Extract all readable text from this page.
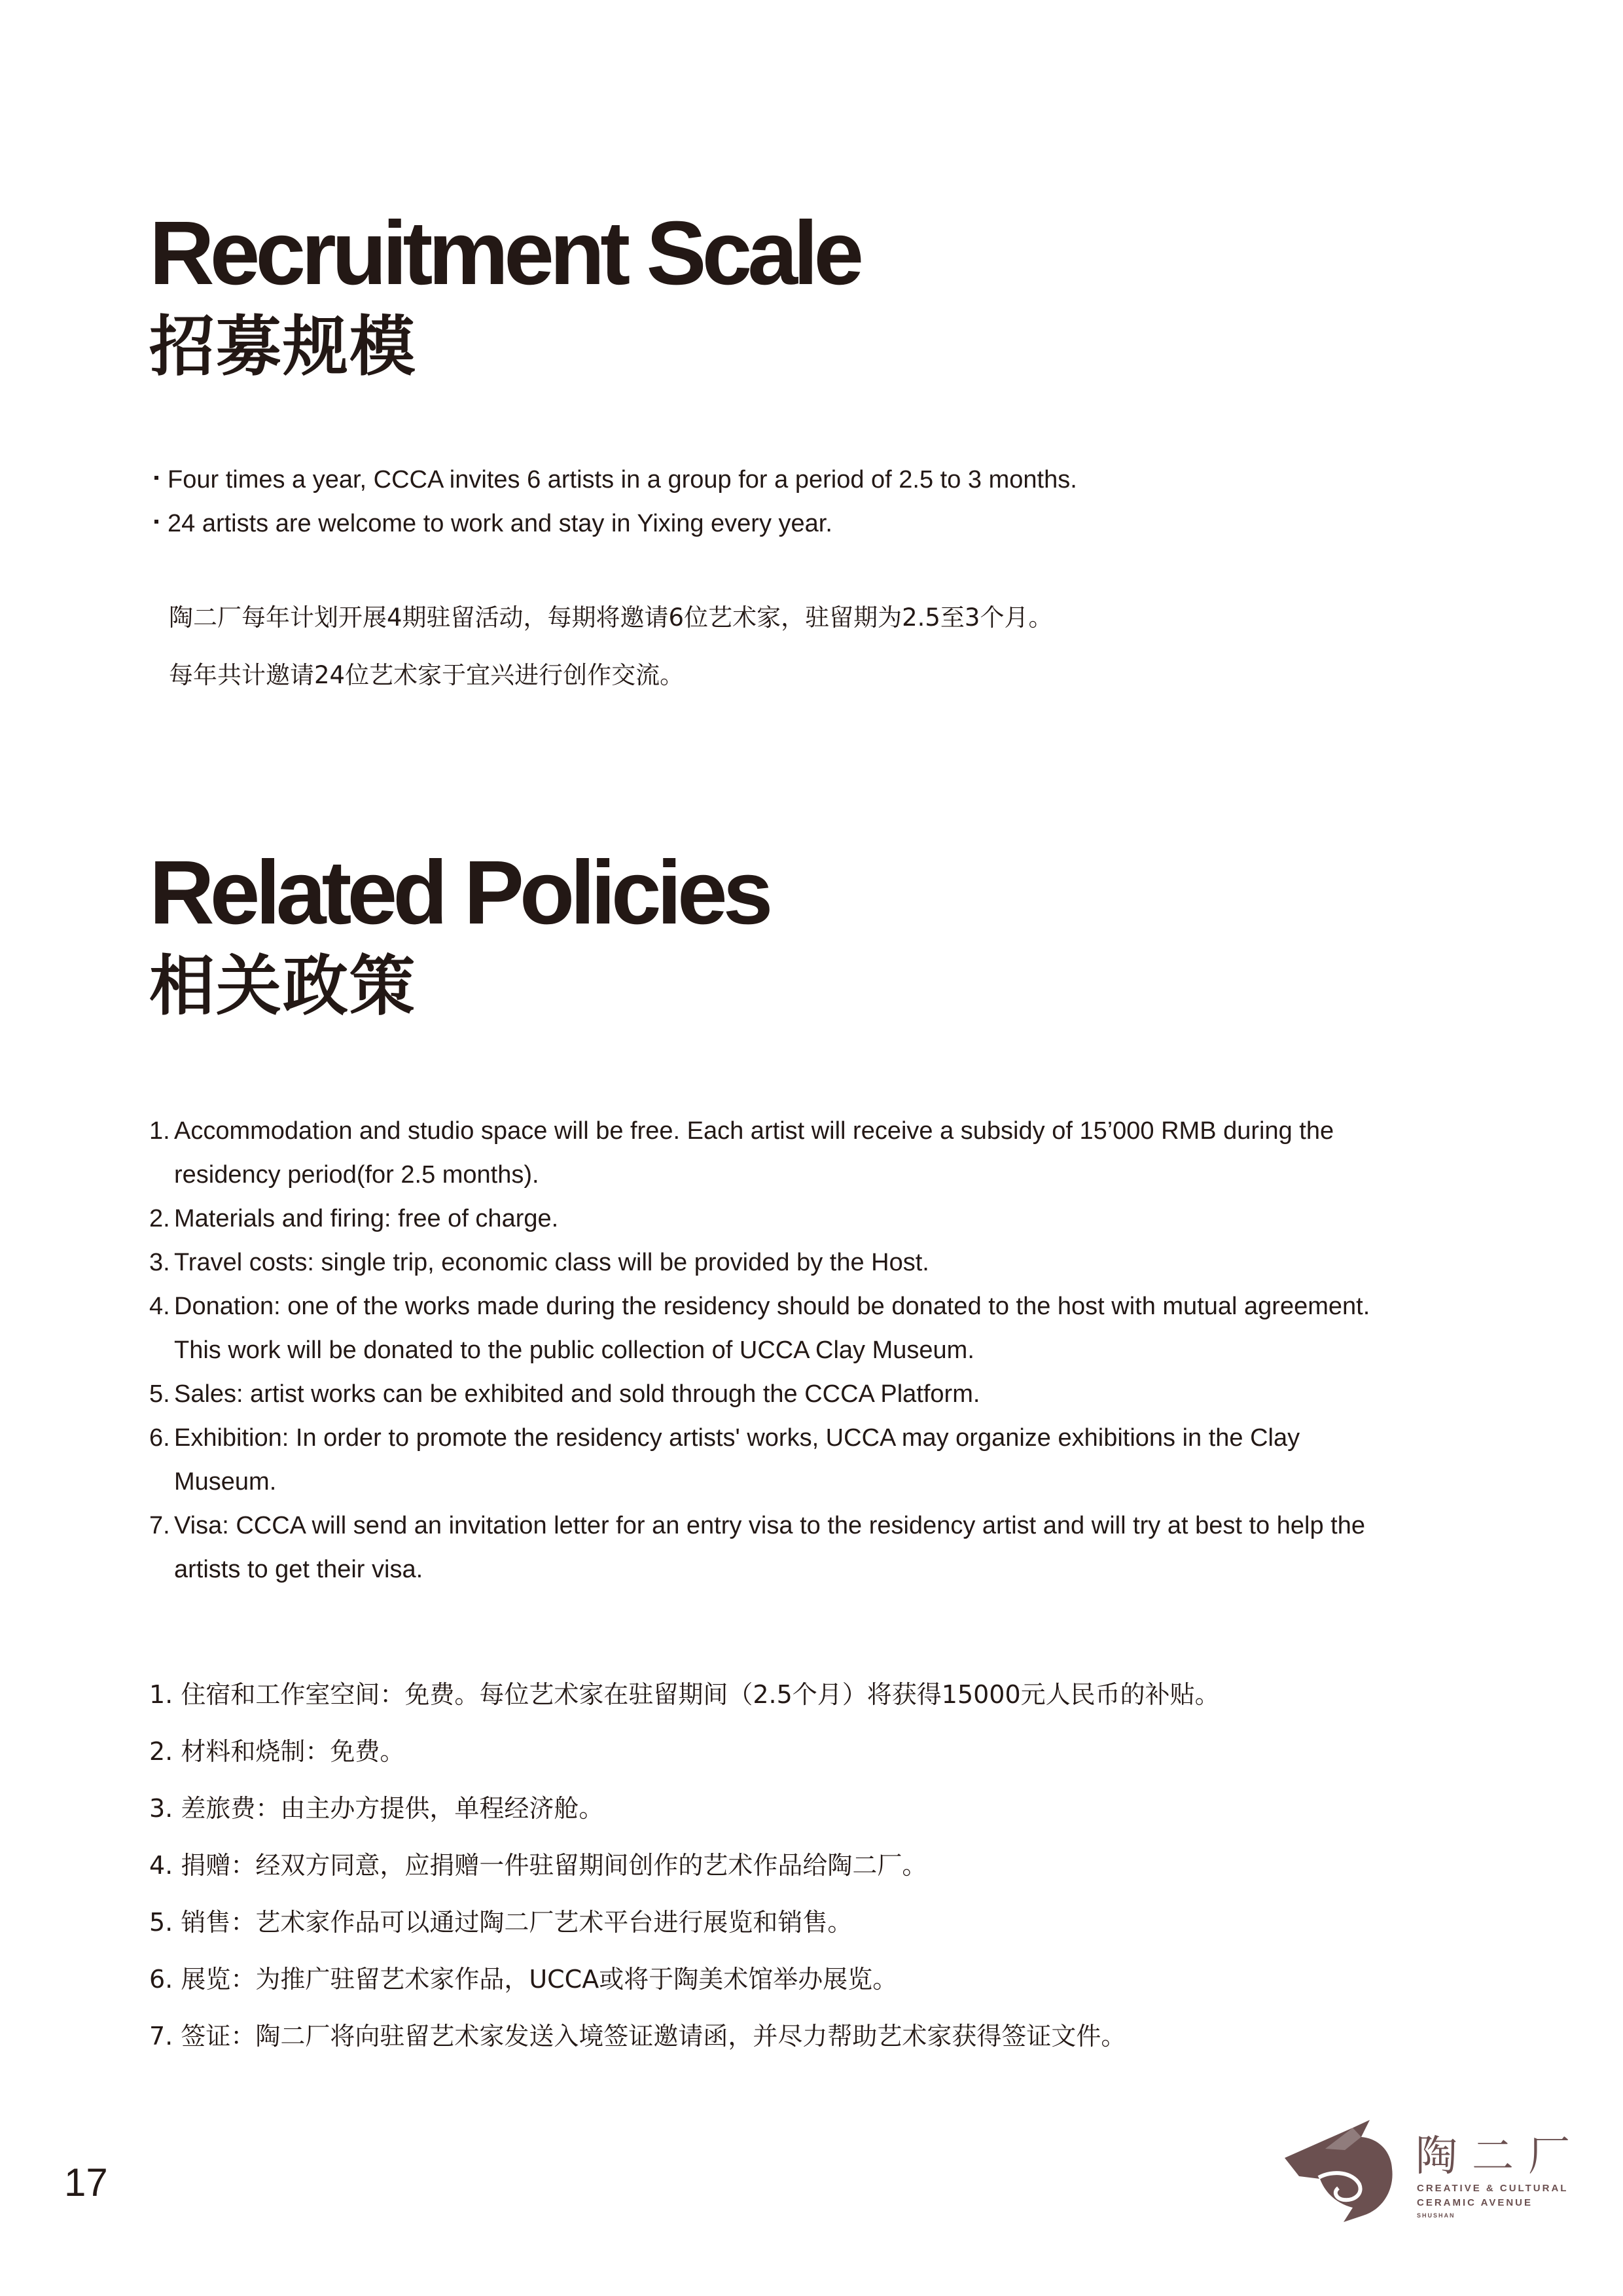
Recruitment Scale
招募规模
Four times a year, CCCA invites 6 artists in a group for a period of 2.5 to 3 months.
24 artists are welcome to work and stay in Yixing every year.
陶二厂每年计划开展4期驻留活动，每期将邀请6位艺术家，驻留期为2.5至3个月。
每年共计邀请24位艺术家于宜兴进行创作交流。
Related Policies
相关政策
1. Accommodation and studio space will be free. Each artist will receive a subsidy of 15’000 RMB during the residency period(for 2.5 months).
2. Materials and firing: free of charge.
3. Travel costs: single trip, economic class will be provided by the Host.
4. Donation: one of the works made during the residency should be donated to the host with mutual agreement. This work will be donated to the public collection of UCCA Clay Museum.
5. Sales: artist works can be exhibited and sold through the CCCA Platform.
6. Exhibition: In order to promote the residency artists' works, UCCA may organize exhibitions in the Clay Museum.
7. Visa: CCCA will send an invitation letter for an entry visa to the residency artist and will try at best to help the artists to get their visa.
1. 住宿和工作室空间：免费。每位艺术家在驻留期间（2.5个月）将获得15000元人民币的补贴。
2. 材料和烧制：免费。
3. 差旅费：由主办方提供，单程经济舱。
4. 捐赠：经双方同意，应捐赠一件驻留期间创作的艺术作品给陶二厂。
5. 销售：艺术家作品可以通过陶二厂艺术平台进行展览和销售。
6. 展览：为推广驻留艺术家作品，UCCA或将于陶美术馆举办展览。
7. 签证：陶二厂将向驻留艺术家发送入境签证邀请函，并尽力帮助艺术家获得签证文件。
17
陶二厂
CREATIVE & CULTURAL
CERAMIC AVENUE
SHUSHAN
